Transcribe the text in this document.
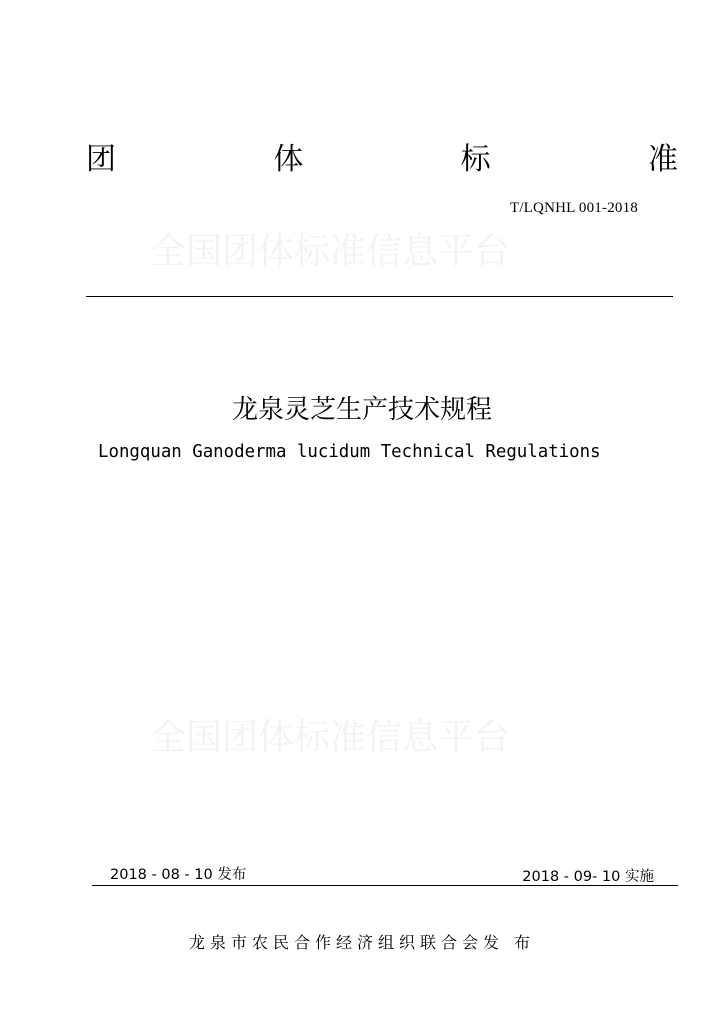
团	体	标	准
T/LQNHL 001-2018
全国团体标准信息平台
龙泉灵芝生产技术规程
Longquan Ganoderma lucidum Technical Regulations
全国团体标准信息平台
2018 - 08 - 10 发布	2018 - 09- 10 实施
龙泉市农民合作经济组织联合会发 布
